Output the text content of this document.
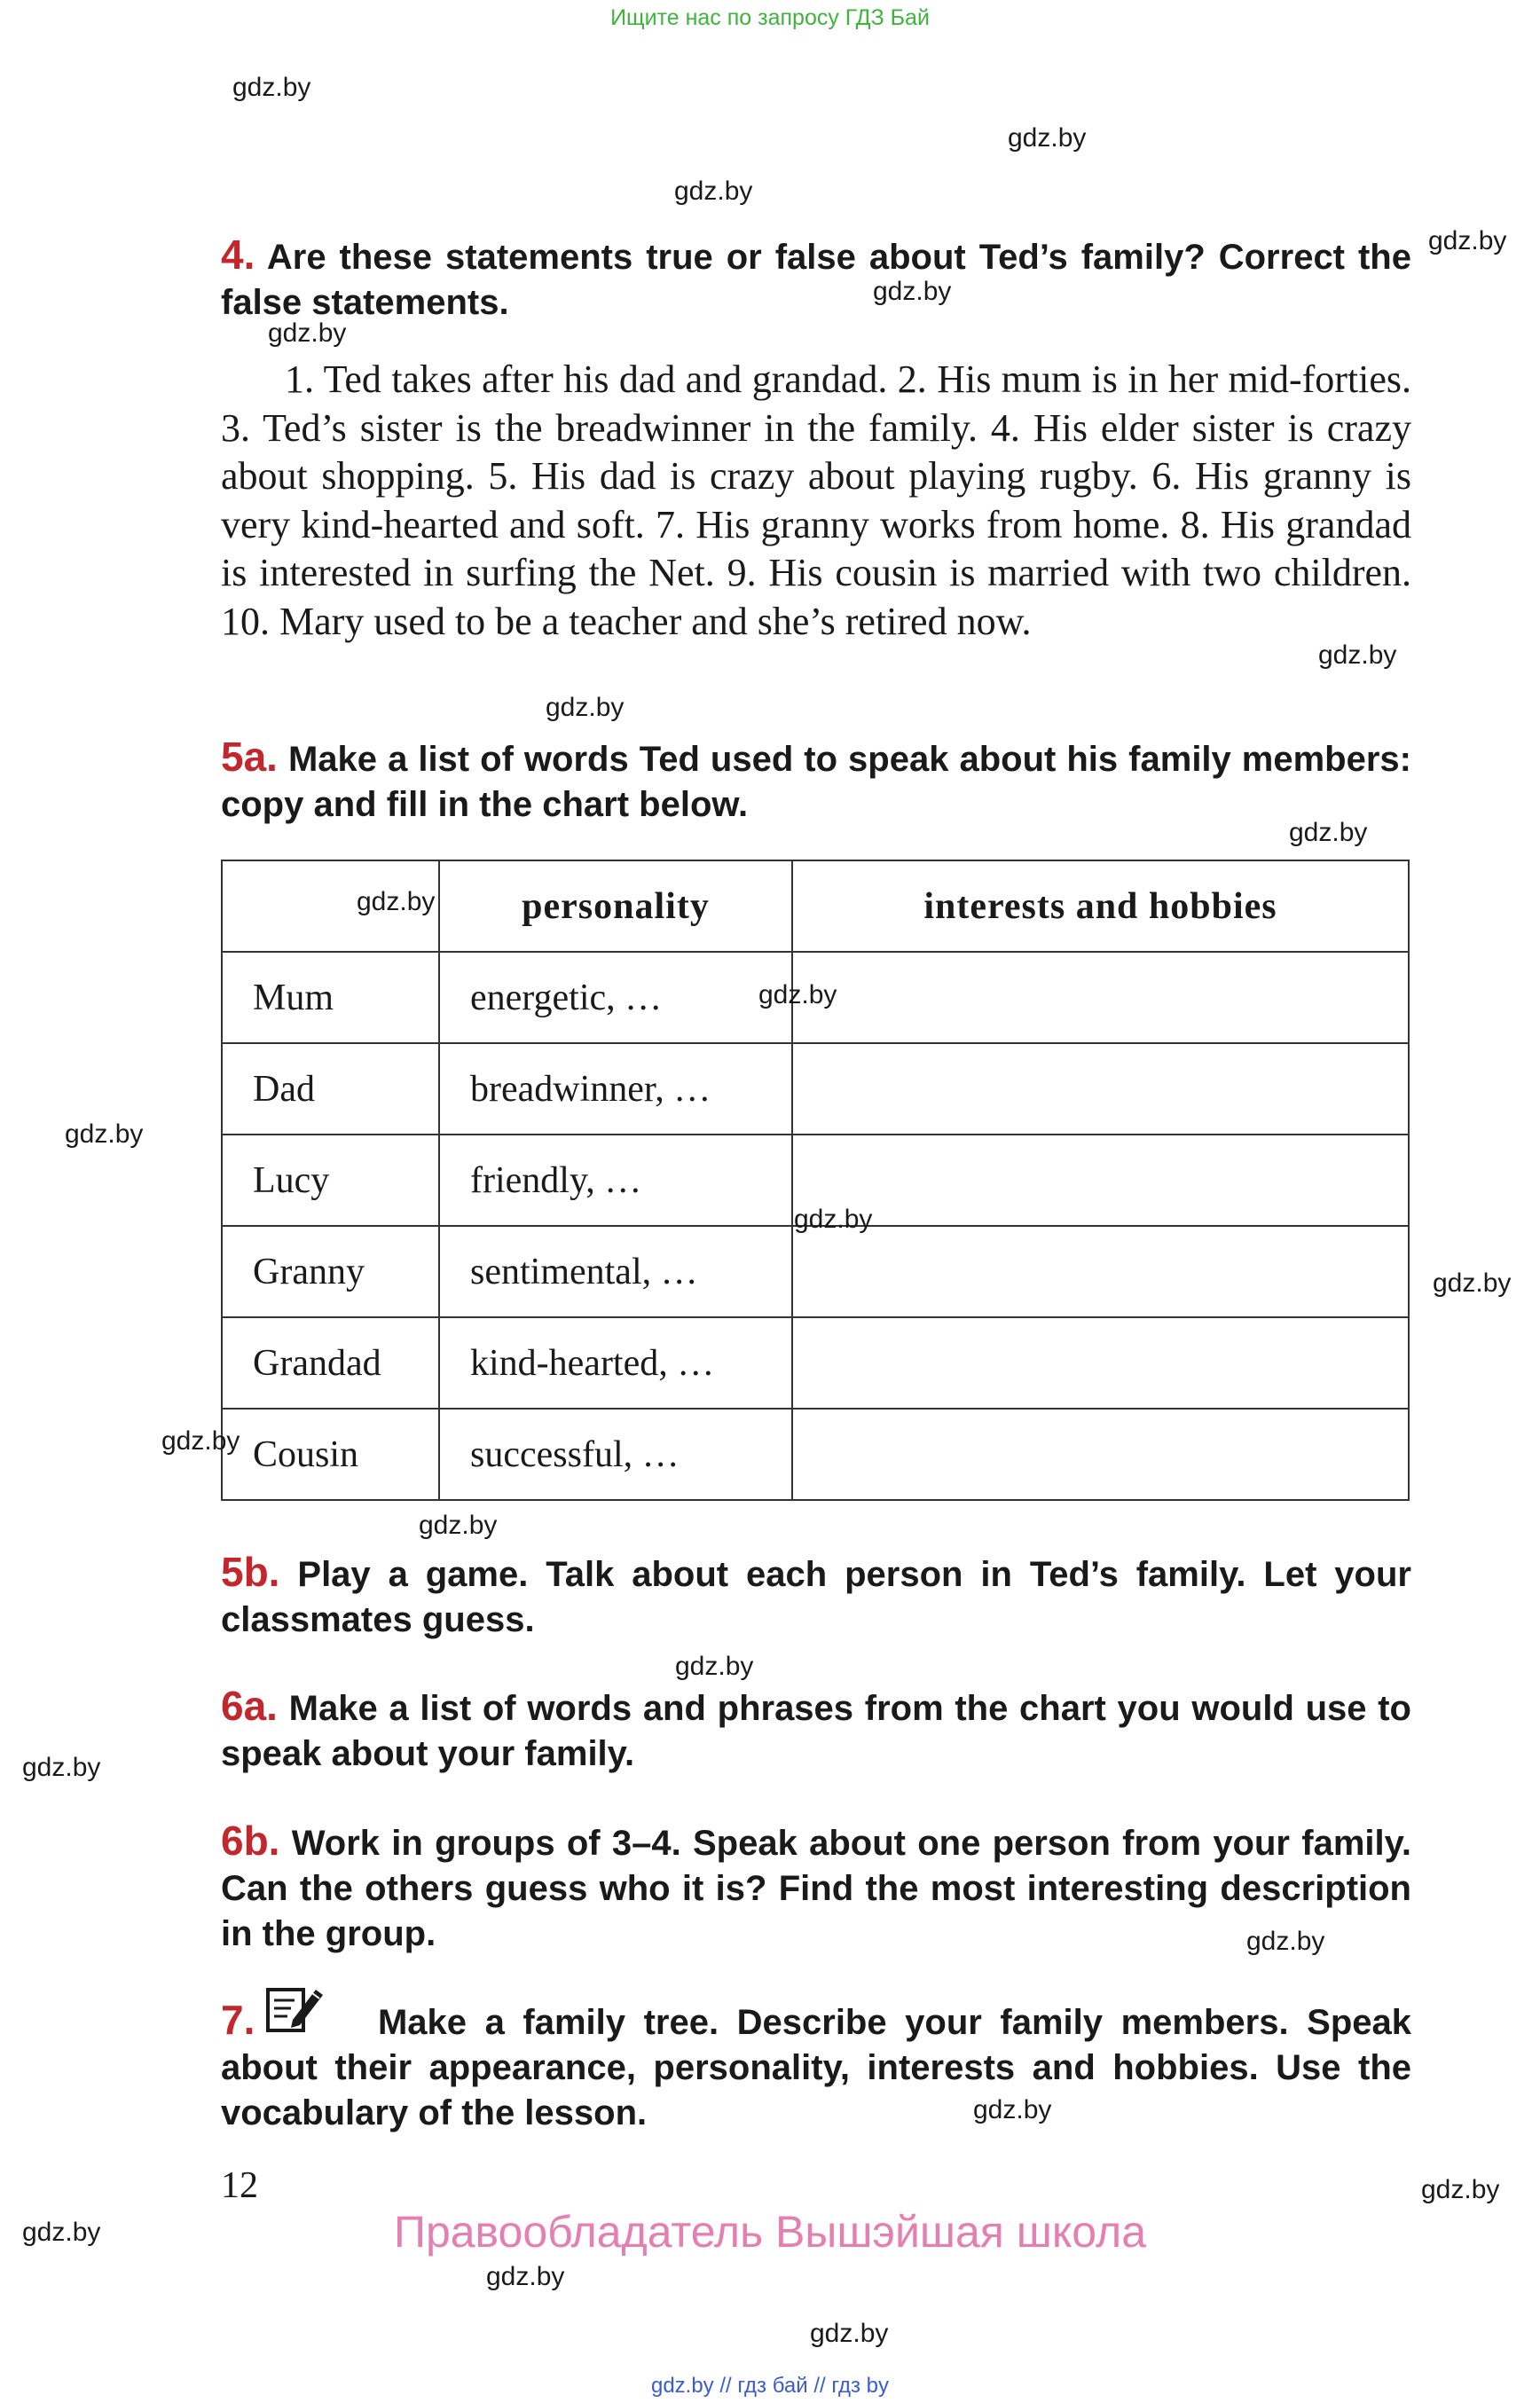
Ищите нас по запросу ГДЗ Бай
gdz.by
gdz.by
gdz.by
gdz.by
gdz.by
gdz.by
gdz.by
gdz.by
gdz.by
gdz.by
gdz.by
gdz.by
gdz.by
gdz.by
gdz.by
gdz.by
gdz.by
gdz.by
gdz.by
gdz.by
4. Are these statements true or false about Ted’s family? Correct the false statements.
1. Ted takes after his dad and grandad. 2. His mum is in her mid-forties. 3. Ted’s sister is the breadwinner in the family. 4. His elder sister is crazy about shopping. 5. His dad is crazy about playing rugby. 6. His granny is very kind-hearted and soft. 7. His granny works from home. 8. His grandad is interested in surfing the Net. 9. His cousin is married with two children. 10. Mary used to be a teacher and she’s retired now.
5a. Make a list of words Ted used to speak about his family members: copy and fill in the chart below.
	personality	interests and hobbies
Mum	energetic, …	
Dad	breadwinner, …	
Lucy	friendly, …	
Granny	sentimental, …	
Grandad	kind-hearted, …	
Cousin	successful, …	
gdz.by
gdz.by
gdz.by
gdz.by
5b. Play a game. Talk about each person in Ted’s family. Let your classmates guess.
6a. Make a list of words and phrases from the chart you would use to speak about your family.
6b. Work in groups of 3–4. Speak about one person from your family. Can the others guess who it is? Find the most interesting description in the group.
7.	Make a family tree. Describe your family members. Speak about their appearance, personality, interests and hobbies. Use the vocabulary of the lesson.
12
Правообладатель Вышэйшая школа
gdz.by // гдз бай // гдз by
